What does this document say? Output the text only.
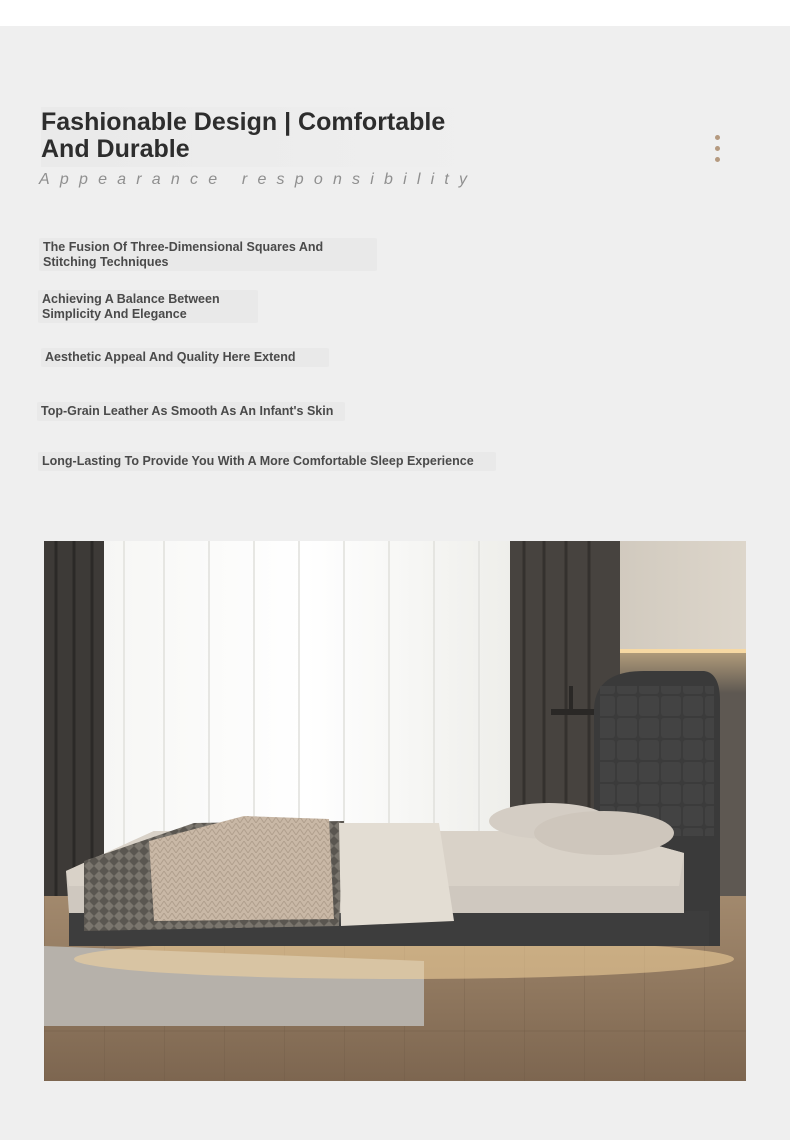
Fashionable Design | Comfortable
And Durable
Appearance responsibility
The Fusion Of Three-Dimensional Squares And Stitching Techniques
Achieving A Balance Between Simplicity And Elegance
Aesthetic Appeal And Quality Here Extend
Top-Grain Leather As Smooth As An Infant's Skin
Long-Lasting To Provide You With A More Comfortable Sleep Experience
